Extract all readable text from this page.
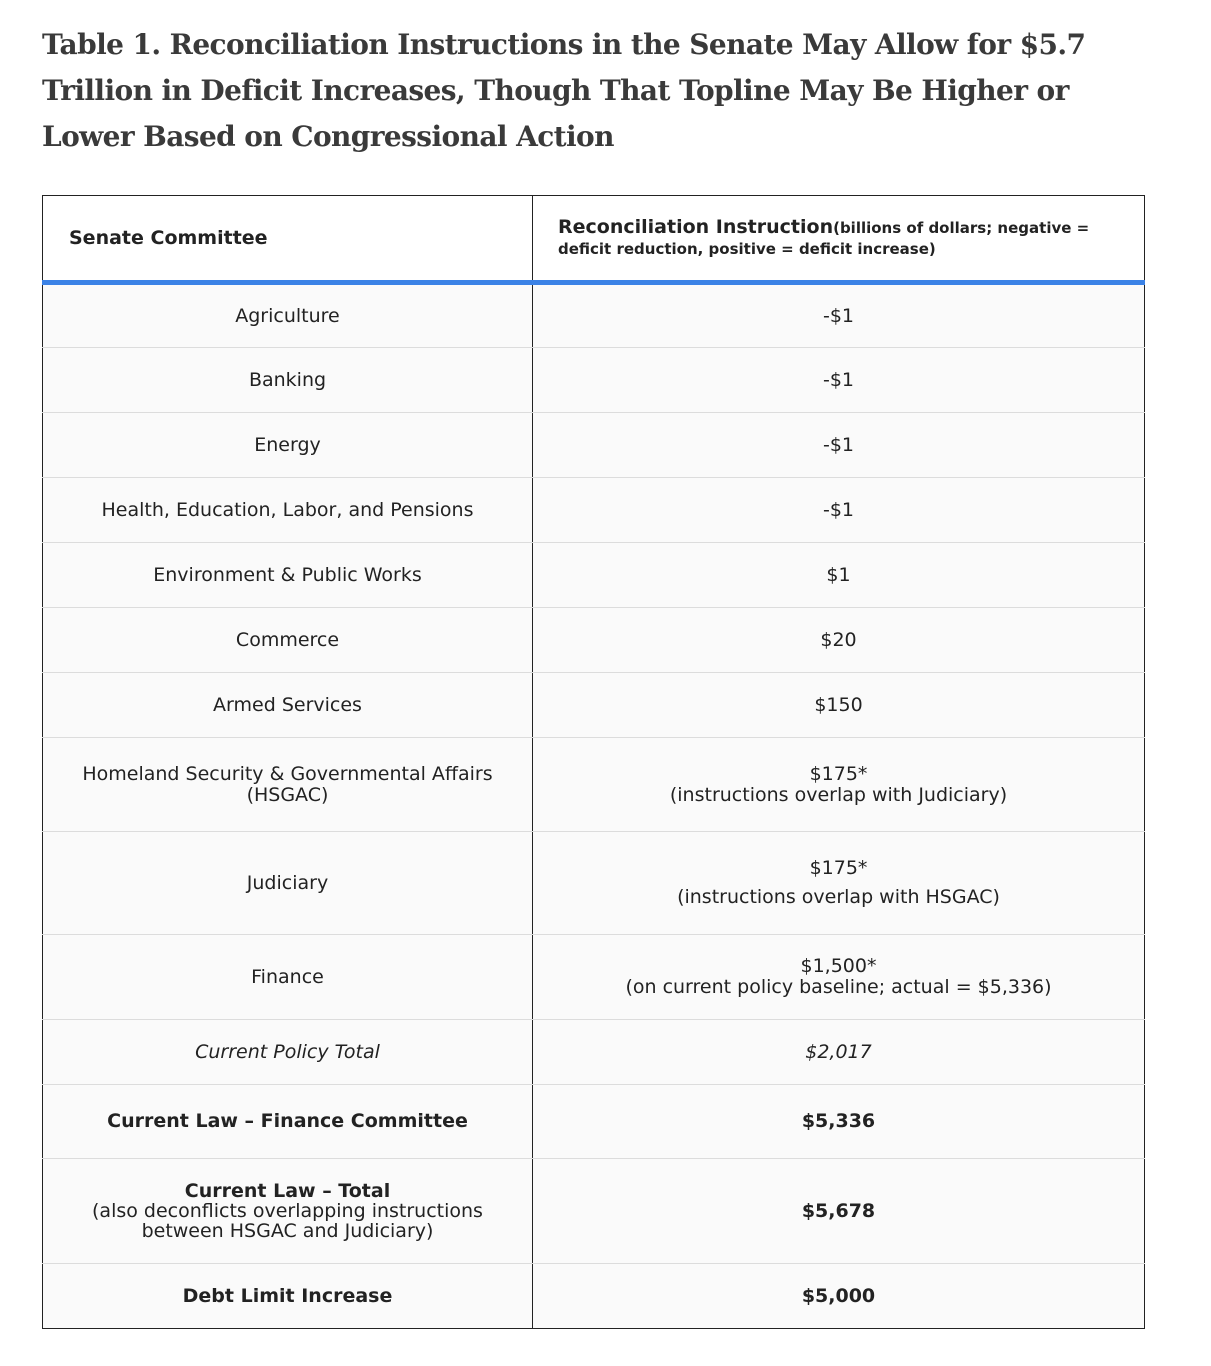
Table 1. Reconciliation Instructions in the Senate May Allow for $5.7 Trillion in Deficit Increases, Though That Topline May Be Higher or Lower Based on Congressional Action
Senate Committee	Reconciliation Instruction(billions of dollars; negative = deficit reduction, positive = deficit increase)
Agriculture	-$1
Banking	-$1
Energy	-$1
Health, Education, Labor, and Pensions	-$1
Environment & Public Works	$1
Commerce	$20
Armed Services	$150
Homeland Security & Governmental Affairs (HSGAC)	$175*
(instructions overlap with Judiciary)

Judiciary	$175*
(instructions overlap with HSGAC)

Finance	$1,500*
(on current policy baseline; actual = $5,336)

Current Policy Total	$2,017
Current Law – Finance Committee	$5,336

Current Law – Total
(also deconflicts overlapping instructions between HSGAC and Judiciary)	$5,678
Debt Limit Increase	$5,000
